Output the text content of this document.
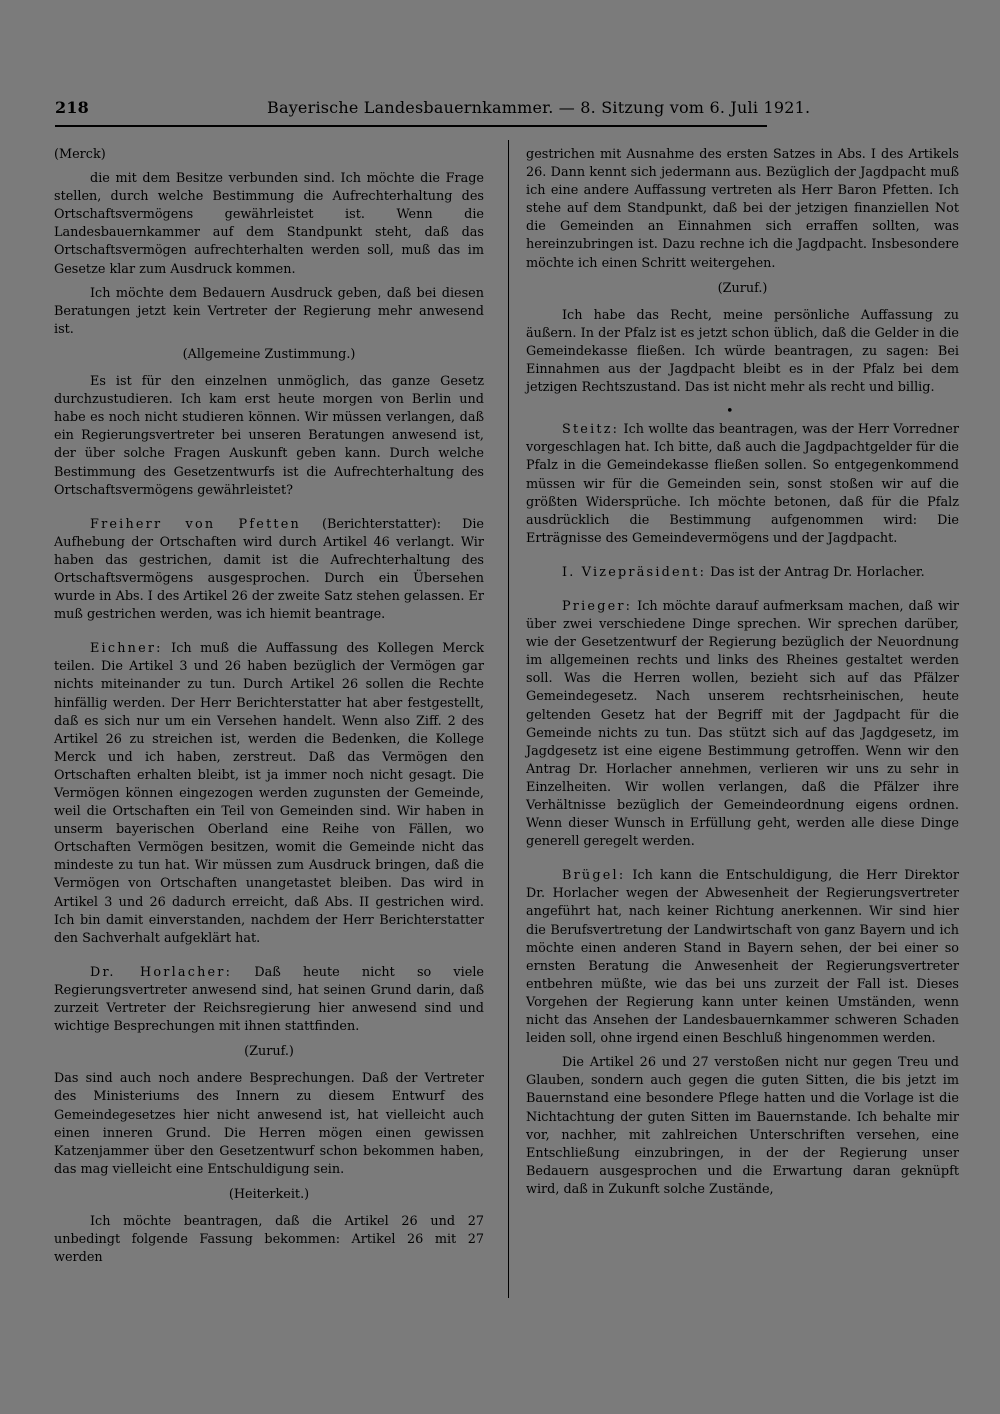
218	Bayerische Landesbauernkammer. — 8. Sitzung vom 6. Juli 1921.

(Merck)

die mit dem Besitze verbunden sind. Ich möchte die Frage stellen, durch welche Bestimmung die Aufrechterhaltung des Ortschaftsvermögens gewährleistet ist. Wenn die Landesbauernkammer auf dem Standpunkt steht, daß das Ortschaftsvermögen aufrechterhalten werden soll, muß das im Gesetze klar zum Ausdruck kommen.

Ich möchte dem Bedauern Ausdruck geben, daß bei diesen Beratungen jetzt kein Vertreter der Regierung mehr anwesend ist.

(Allgemeine Zustimmung.)

Es ist für den einzelnen unmöglich, das ganze Gesetz durchzustudieren. Ich kam erst heute morgen von Berlin und habe es noch nicht studieren können. Wir müssen verlangen, daß ein Regierungsvertreter bei unseren Beratungen anwesend ist, der über solche Fragen Auskunft geben kann. Durch welche Bestimmung des Gesetzentwurfs ist die Aufrechterhaltung des Ortschaftsvermögens gewährleistet?

Freiherr von Pfetten (Berichterstatter): Die Aufhebung der Ortschaften wird durch Artikel 46 verlangt. Wir haben das gestrichen, damit ist die Aufrechterhaltung des Ortschaftsvermögens ausgesprochen. Durch ein Übersehen wurde in Abs. I des Artikel 26 der zweite Satz stehen gelassen. Er muß gestrichen werden, was ich hiemit beantrage.

Eichner: Ich muß die Auffassung des Kollegen Merck teilen. Die Artikel 3 und 26 haben bezüglich der Vermögen gar nichts miteinander zu tun. Durch Artikel 26 sollen die Rechte hinfällig werden. Der Herr Berichterstatter hat aber festgestellt, daß es sich nur um ein Versehen handelt. Wenn also Ziff. 2 des Artikel 26 zu streichen ist, werden die Bedenken, die Kollege Merck und ich haben, zerstreut. Daß das Vermögen den Ortschaften erhalten bleibt, ist ja immer noch nicht gesagt. Die Vermögen können eingezogen werden zugunsten der Gemeinde, weil die Ortschaften ein Teil von Gemeinden sind. Wir haben in unserm bayerischen Oberland eine Reihe von Fällen, wo Ortschaften Vermögen besitzen, womit die Gemeinde nicht das mindeste zu tun hat. Wir müssen zum Ausdruck bringen, daß die Vermögen von Ortschaften unangetastet bleiben. Das wird in Artikel 3 und 26 dadurch erreicht, daß Abs. II gestrichen wird. Ich bin damit einverstanden, nachdem der Herr Berichterstatter den Sachverhalt aufgeklärt hat.

Dr. Horlacher: Daß heute nicht so viele Regierungsvertreter anwesend sind, hat seinen Grund darin, daß zurzeit Vertreter der Reichsregierung hier anwesend sind und wichtige Besprechungen mit ihnen stattfinden.

(Zuruf.)

Das sind auch noch andere Besprechungen. Daß der Vertreter des Ministeriums des Innern zu diesem Entwurf des Gemeindegesetzes hier nicht anwesend ist, hat vielleicht auch einen inneren Grund. Die Herren mögen einen gewissen Katzenjammer über den Gesetzentwurf schon bekommen haben, das mag vielleicht eine Entschuldigung sein.

(Heiterkeit.)

Ich möchte beantragen, daß die Artikel 26 und 27 unbedingt folgende Fassung bekommen: Artikel 26 mit 27 werden

gestrichen mit Ausnahme des ersten Satzes in Abs. I des Artikels 26. Dann kennt sich jedermann aus. Bezüglich der Jagdpacht muß ich eine andere Auffassung vertreten als Herr Baron Pfetten. Ich stehe auf dem Standpunkt, daß bei der jetzigen finanziellen Not die Gemeinden an Einnahmen sich erraffen sollten, was hereinzubringen ist. Dazu rechne ich die Jagdpacht. Insbesondere möchte ich einen Schritt weitergehen.

(Zuruf.)

Ich habe das Recht, meine persönliche Auffassung zu äußern. In der Pfalz ist es jetzt schon üblich, daß die Gelder in die Gemeindekasse fließen. Ich würde beantragen, zu sagen: Bei Einnahmen aus der Jagdpacht bleibt es in der Pfalz bei dem jetzigen Rechtszustand. Das ist nicht mehr als recht und billig.

•

Steitz: Ich wollte das beantragen, was der Herr Vorredner vorgeschlagen hat. Ich bitte, daß auch die Jagdpachtgelder für die Pfalz in die Gemeindekasse fließen sollen. So entgegenkommend müssen wir für die Gemeinden sein, sonst stoßen wir auf die größten Widersprüche. Ich möchte betonen, daß für die Pfalz ausdrücklich die Bestimmung aufgenommen wird: Die Erträgnisse des Gemeindevermögens und der Jagdpacht.

I. Vizepräsident: Das ist der Antrag Dr. Horlacher.

Prieger: Ich möchte darauf aufmerksam machen, daß wir über zwei verschiedene Dinge sprechen. Wir sprechen darüber, wie der Gesetzentwurf der Regierung bezüglich der Neuordnung im allgemeinen rechts und links des Rheines gestaltet werden soll. Was die Herren wollen, bezieht sich auf das Pfälzer Gemeindegesetz. Nach unserem rechtsrheinischen, heute geltenden Gesetz hat der Begriff mit der Jagdpacht für die Gemeinde nichts zu tun. Das stützt sich auf das Jagdgesetz, im Jagdgesetz ist eine eigene Bestimmung getroffen. Wenn wir den Antrag Dr. Horlacher annehmen, verlieren wir uns zu sehr in Einzelheiten. Wir wollen verlangen, daß die Pfälzer ihre Verhältnisse bezüglich der Gemeindeordnung eigens ordnen. Wenn dieser Wunsch in Erfüllung geht, werden alle diese Dinge generell geregelt werden.

Brügel: Ich kann die Entschuldigung, die Herr Direktor Dr. Horlacher wegen der Abwesenheit der Regierungsvertreter angeführt hat, nach keiner Richtung anerkennen. Wir sind hier die Berufsvertretung der Landwirtschaft von ganz Bayern und ich möchte einen anderen Stand in Bayern sehen, der bei einer so ernsten Beratung die Anwesenheit der Regierungsvertreter entbehren müßte, wie das bei uns zurzeit der Fall ist. Dieses Vorgehen der Regierung kann unter keinen Umständen, wenn nicht das Ansehen der Landesbauernkammer schweren Schaden leiden soll, ohne irgend einen Beschluß hingenommen werden.

Die Artikel 26 und 27 verstoßen nicht nur gegen Treu und Glauben, sondern auch gegen die guten Sitten, die bis jetzt im Bauernstand eine besondere Pflege hatten und die Vorlage ist die Nichtachtung der guten Sitten im Bauernstande. Ich behalte mir vor, nachher, mit zahlreichen Unterschriften versehen, eine Entschließung einzubringen, in der der Regierung unser Bedauern ausgesprochen und die Erwartung daran geknüpft wird, daß in Zukunft solche Zustände,
